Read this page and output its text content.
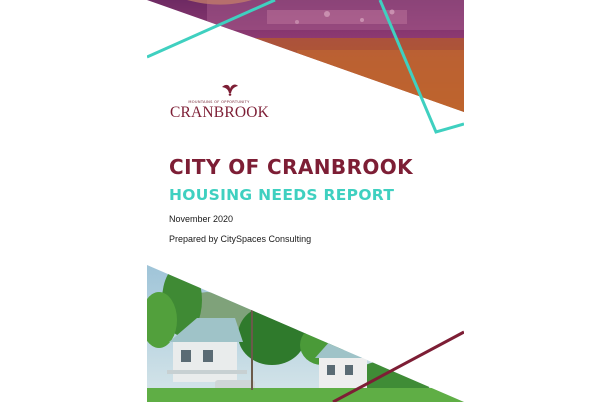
MOUNTAINS OF OPPORTUNITY
CRANBROOK
CITY OF CRANBROOK
HOUSING NEEDS REPORT
November 2020
Prepared by CitySpaces Consulting
